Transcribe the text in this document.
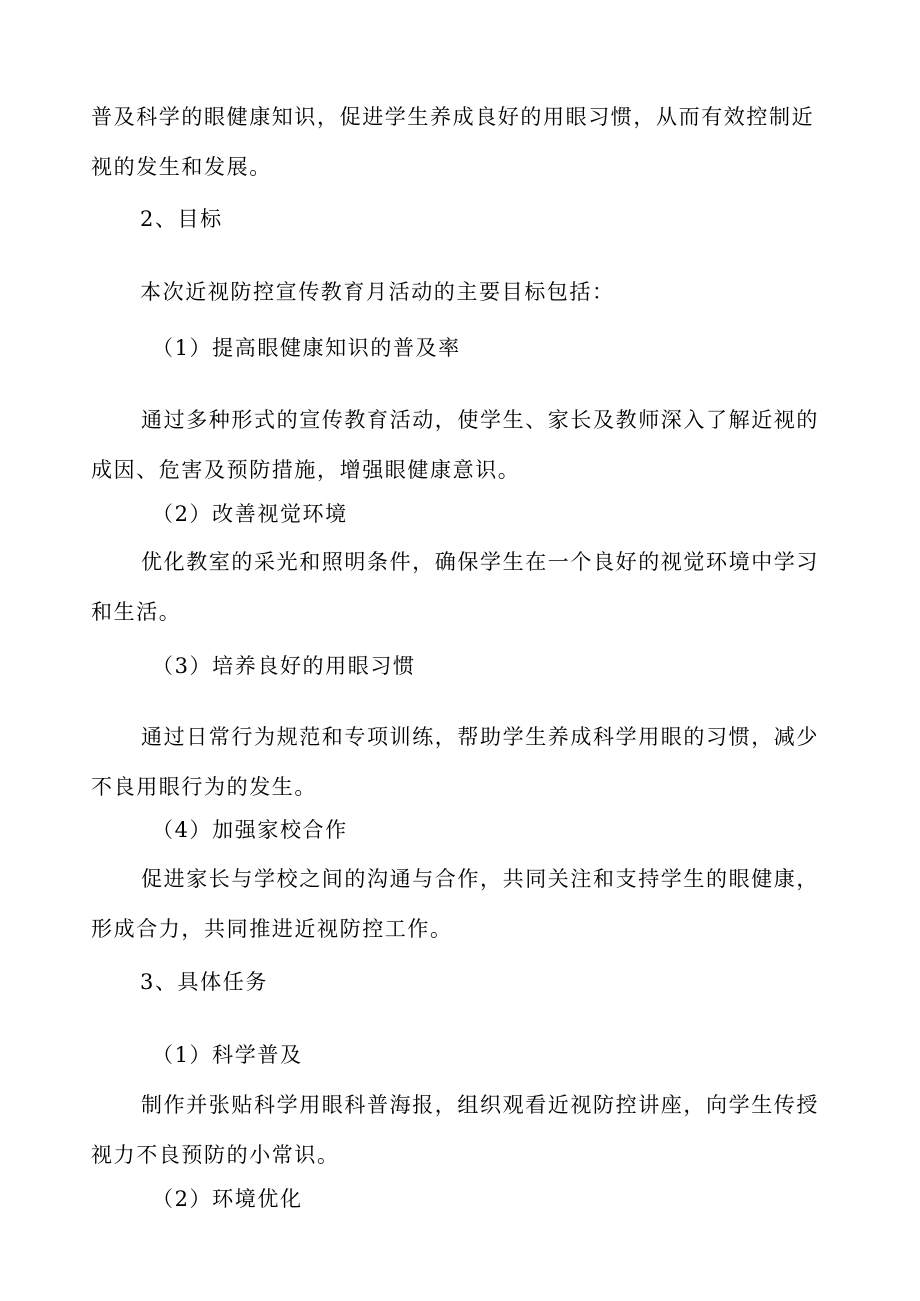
普及科学的眼健康知识，促进学生养成良好的用眼习惯，从而有效控制近视的发生和发展。

2、目标

本次近视防控宣传教育月活动的主要目标包括：

（1）提高眼健康知识的普及率

通过多种形式的宣传教育活动，使学生、家长及教师深入了解近视的成因、危害及预防措施，增强眼健康意识。

（2）改善视觉环境

优化教室的采光和照明条件，确保学生在一个良好的视觉环境中学习和生活。

（3）培养良好的用眼习惯

通过日常行为规范和专项训练，帮助学生养成科学用眼的习惯，减少不良用眼行为的发生。

（4）加强家校合作

促进家长与学校之间的沟通与合作，共同关注和支持学生的眼健康，形成合力，共同推进近视防控工作。

3、具体任务

（1）科学普及

制作并张贴科学用眼科普海报，组织观看近视防控讲座，向学生传授视力不良预防的小常识。

（2）环境优化
